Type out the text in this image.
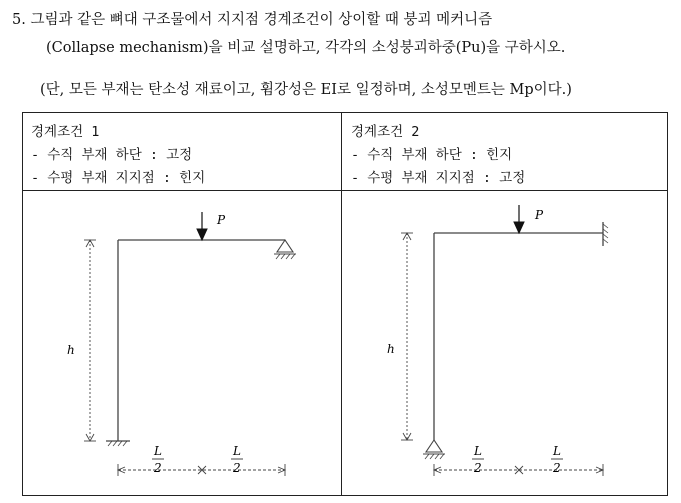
5. 그림과 같은 뼈대 구조물에서 지지점 경계조건이 상이할 때 붕괴 메커니즘
(Collapse mechanism)을 비교 설명하고, 각각의 소성붕괴하중(Pu)을 구하시오.
(단, 모든 부재는 탄소성 재료이고, 휨강성은 EI로 일정하며, 소성모멘트는 Mp이다.)
경계조건 1
- 수직 부재 하단 : 고정
- 수평 부재 지지점 : 힌지
경계조건 2
- 수직 부재 하단 : 힌지
- 수평 부재 지지점 : 고정
P
h
L
2
L
2
P
h
L
2
L
2
